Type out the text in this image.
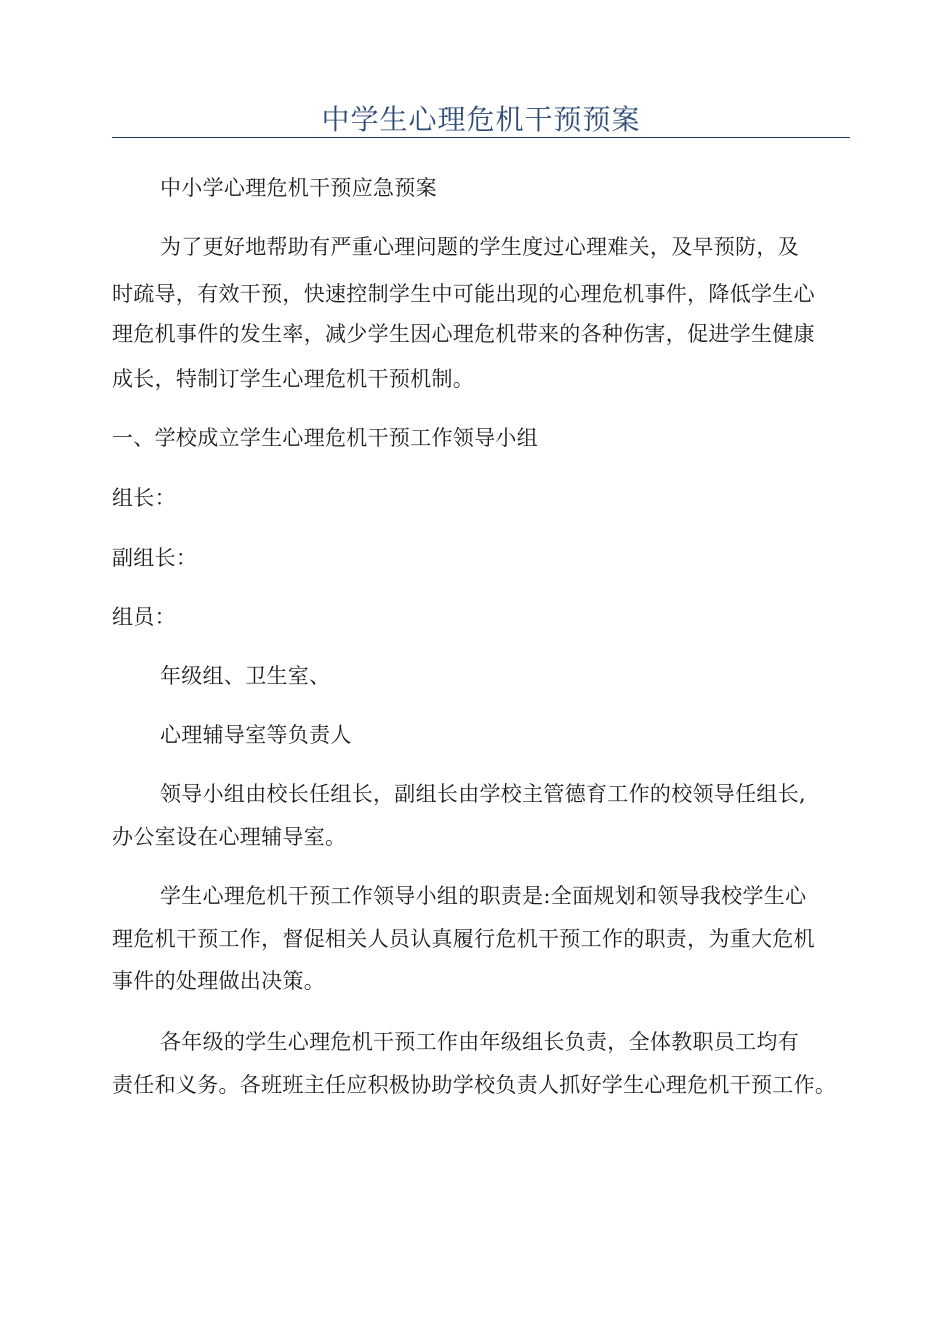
中学生心理危机干预预案
中小学心理危机干预应急预案
为了更好地帮助有严重心理问题的学生度过心理难关，及早预防，及
时疏导，有效干预，快速控制学生中可能出现的心理危机事件，降低学生心
理危机事件的发生率，减少学生因心理危机带来的各种伤害，促进学生健康
成长，特制订学生心理危机干预机制。
一、学校成立学生心理危机干预工作领导小组
组长：
副组长：
组员：
年级组、卫生室、
心理辅导室等负责人
领导小组由校长任组长，副组长由学校主管德育工作的校领导任组长,
办公室设在心理辅导室。
学生心理危机干预工作领导小组的职责是:全面规划和领导我校学生心
理危机干预工作，督促相关人员认真履行危机干预工作的职责，为重大危机
事件的处理做出决策。
各年级的学生心理危机干预工作由年级组长负责，全体教职员工均有
责任和义务。各班班主任应积极协助学校负责人抓好学生心理危机干预工作。
